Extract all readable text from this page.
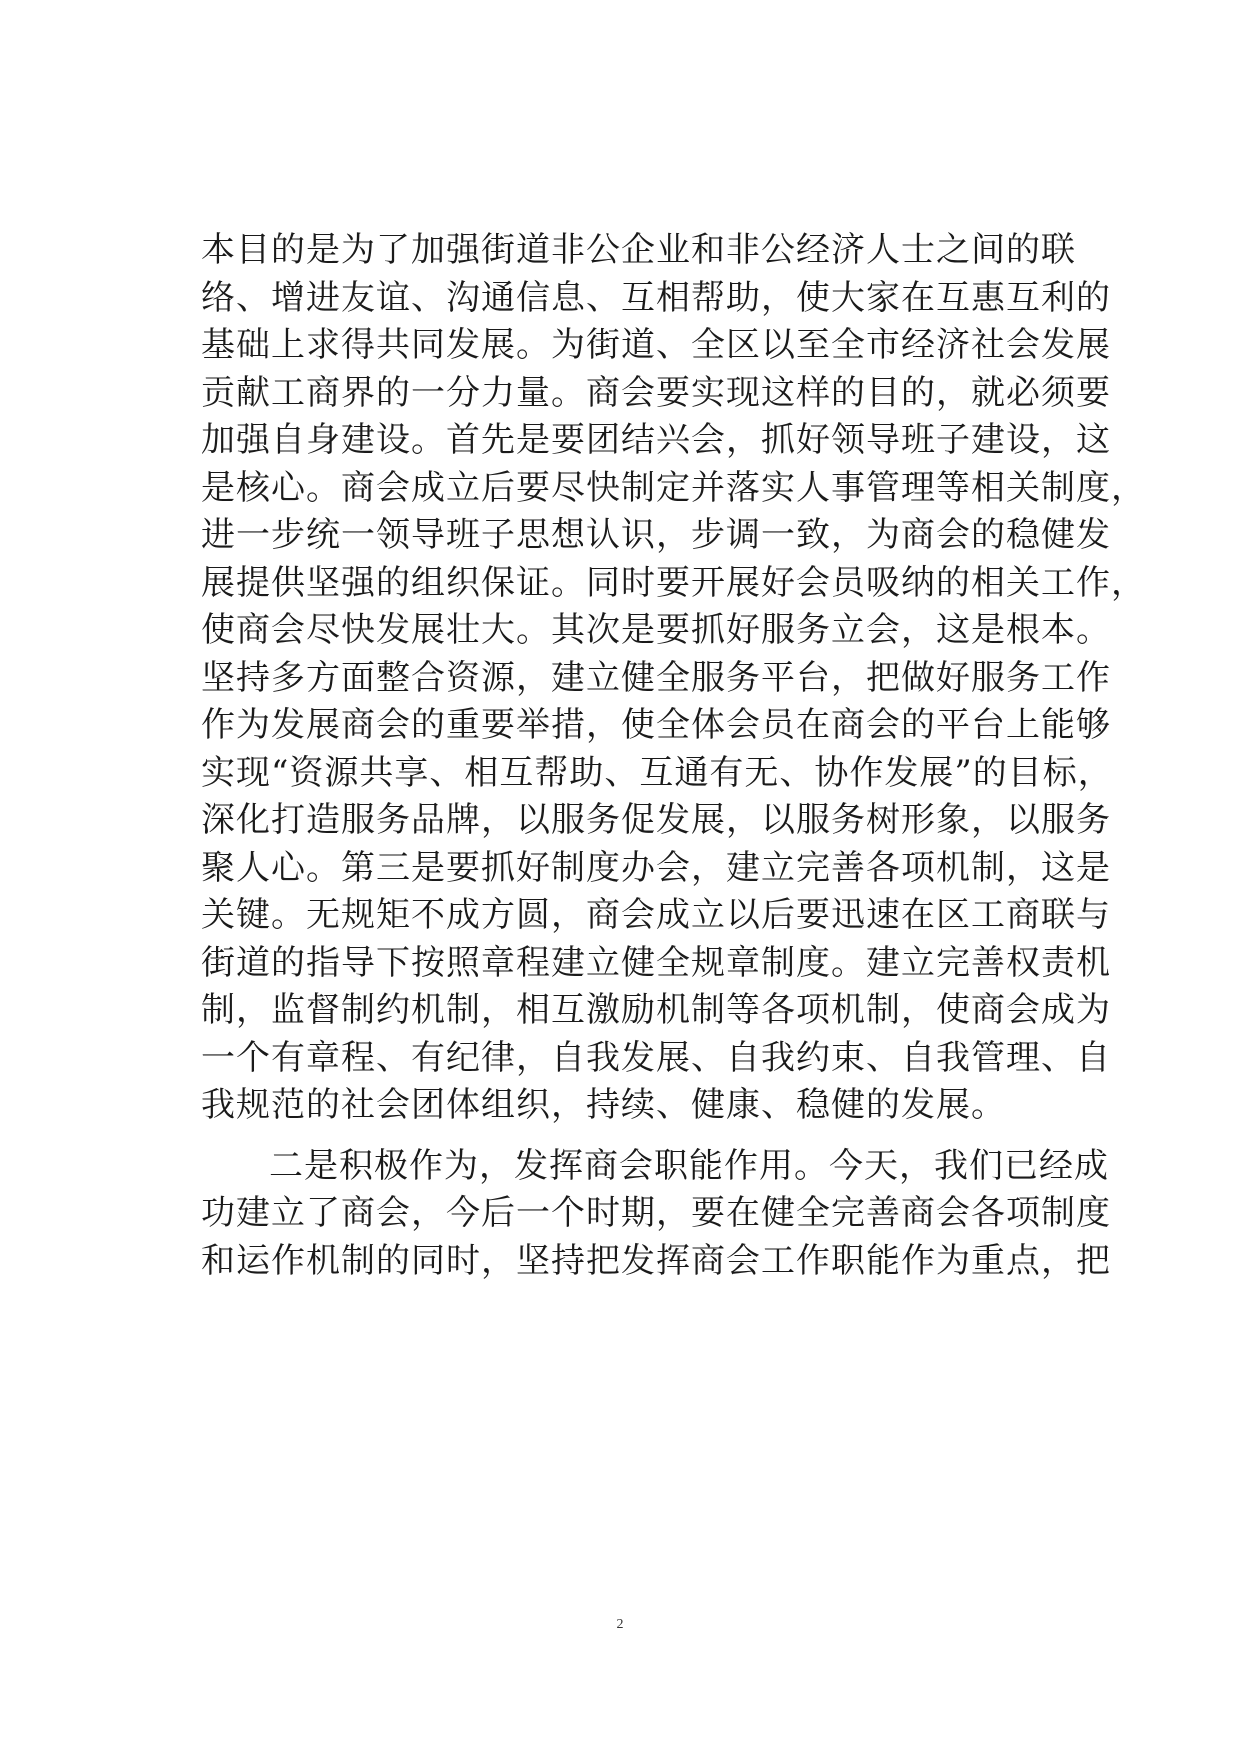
本目的是为了加强街道非公企业和非公经济人士之间的联
络、增进友谊、沟通信息、互相帮助，使大家在互惠互利的
基础上求得共同发展。为街道、全区以至全市经济社会发展
贡献工商界的一分力量。商会要实现这样的目的，就必须要
加强自身建设。首先是要团结兴会，抓好领导班子建设，这
是核心。商会成立后要尽快制定并落实人事管理等相关制度，
进一步统一领导班子思想认识，步调一致，为商会的稳健发
展提供坚强的组织保证。同时要开展好会员吸纳的相关工作，
使商会尽快发展壮大。其次是要抓好服务立会，这是根本。
坚持多方面整合资源，建立健全服务平台，把做好服务工作
作为发展商会的重要举措，使全体会员在商会的平台上能够
实现“资源共享、相互帮助、互通有无、协作发展”的目标，
深化打造服务品牌，以服务促发展，以服务树形象，以服务
聚人心。第三是要抓好制度办会，建立完善各项机制，这是
关键。无规矩不成方圆，商会成立以后要迅速在区工商联与
街道的指导下按照章程建立健全规章制度。建立完善权责机
制，监督制约机制，相互激励机制等各项机制，使商会成为
一个有章程、有纪律，自我发展、自我约束、自我管理、自
我规范的社会团体组织，持续、健康、稳健的发展。
二是积极作为，发挥商会职能作用。今天，我们已经成
功建立了商会，今后一个时期，要在健全完善商会各项制度
和运作机制的同时，坚持把发挥商会工作职能作为重点，把
2
